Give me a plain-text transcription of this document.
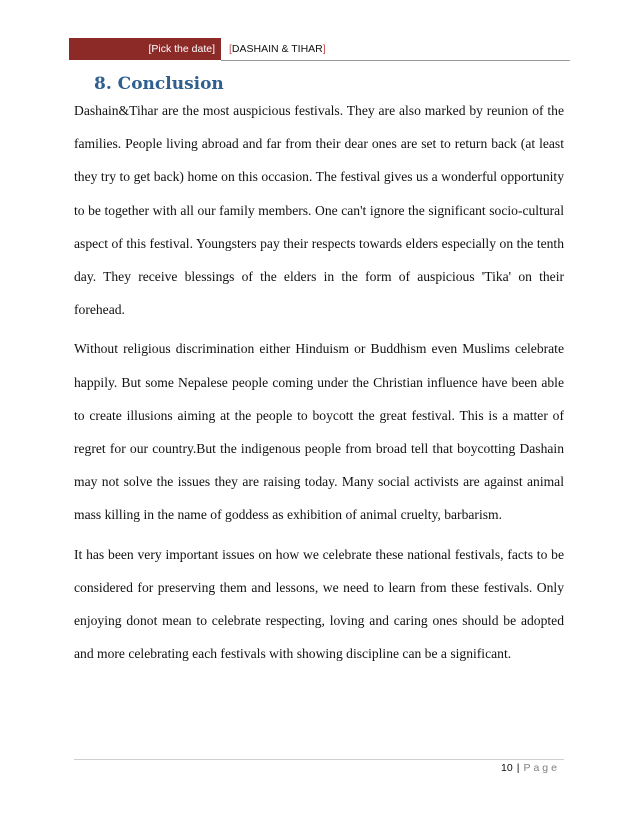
[Pick the date]	[DASHAIN & TIHAR]
8. Conclusion

Dashain&Tihar are the most auspicious festivals. They are also marked by reunion of the families. People living abroad and far from their dear ones are set to return back (at least they try to get back) home on this occasion. The festival gives us a wonderful opportunity to be together with all our family members. One can't ignore the significant socio-cultural aspect of this festival. Youngsters pay their respects towards elders especially on the tenth day. They receive blessings of the elders in the form of auspicious 'Tika' on their forehead.

Without religious discrimination either Hinduism or Buddhism even Muslims celebrate happily. But some Nepalese people coming under the Christian influence have been able to create illusions aiming at the people to boycott the great festival. This is a matter of regret for our country.But the indigenous people from broad tell that boycotting Dashain may not solve the issues they are raising today. Many social activists are against animal mass killing in the name of goddess as exhibition of animal cruelty, barbarism.

It has been very important issues on how we celebrate these national festivals, facts to be considered for preserving them and lessons, we need to learn from these festivals. Only enjoying donot mean to celebrate respecting, loving and caring ones should be adopted and more celebrating each festivals with showing discipline can be a significant.

10 | Page
